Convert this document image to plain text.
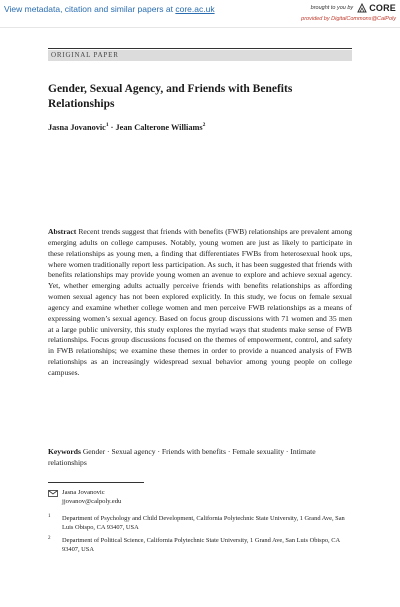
View metadata, citation and similar papers at core.ac.uk	brought to you by CORE
provided by DigitalCommons@CalPoly
ORIGINAL PAPER
Gender, Sexual Agency, and Friends with Benefits Relationships
Jasna Jovanovic$^1$ · Jean Calterone Williams$^2$
Abstract Recent trends suggest that friends with benefits (FWB) relationships are prevalent among emerging adults on college campuses. Notably, young women are just as likely to participate in these relationships as young men, a finding that differentiates FWBs from heterosexual hook ups, where women traditionally report less participation. As such, it has been suggested that friends with benefits relationships may provide young women an avenue to explore and achieve sexual agency. Yet, whether emerging adults actually perceive friends with benefits relationships as affording women sexual agency has not been explored explicitly. In this study, we focus on female sexual agency and examine whether college women and men perceive FWB relationships as a means of expressing women’s sexual agency. Based on focus group discussions with 71 women and 35 men at a large public university, this study explores the myriad ways that students make sense of FWB relationships. Focus group discussions focused on the themes of empowerment, control, and safety in FWB relationships; we examine these themes in order to provide a nuanced analysis of FWB relationships as an increasingly widespread sexual behavior among young people on college campuses.
Keywords Gender · Sexual agency · Friends with benefits · Female sexuality · Intimate relationships
Jasna Jovanovic
jjovanov@calpoly.edu
1 Department of Psychology and Child Development, California Polytechnic State University, 1 Grand Ave, San Luis Obispo, CA 93407, USA
2 Department of Political Science, California Polytechnic State University, 1 Grand Ave, San Luis Obispo, CA 93407, USA
